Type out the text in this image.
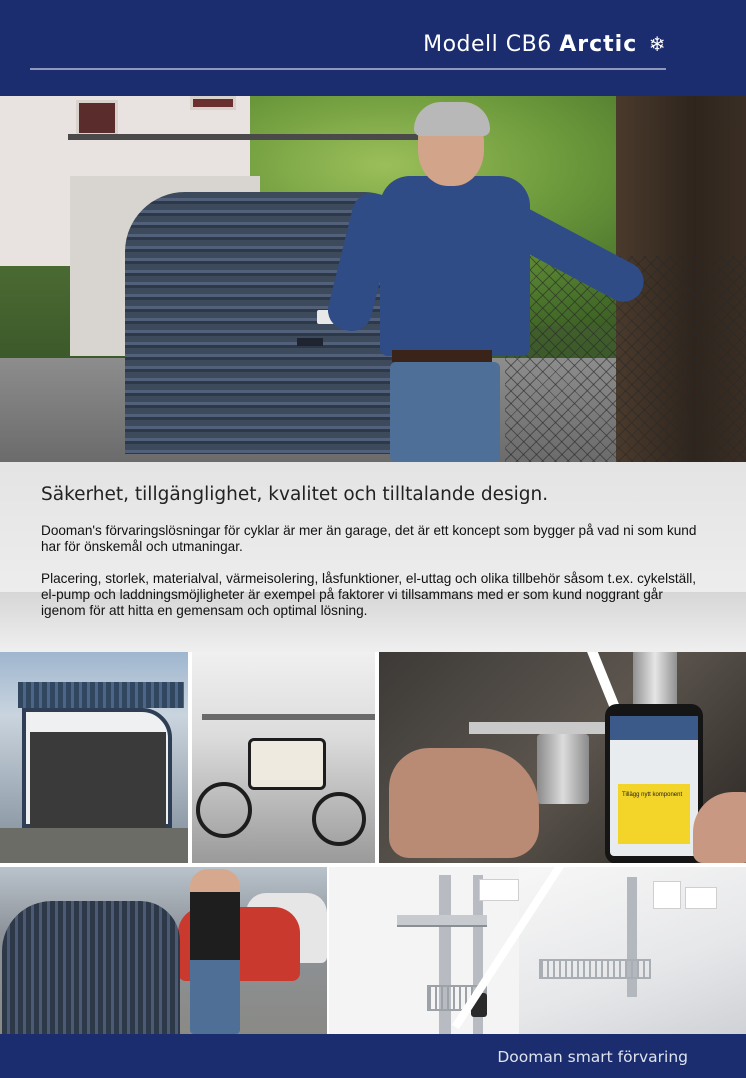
Modell CB6 Arctic ❄
Säkerhet, tillgänglighet, kvalitet och tilltalande design.
Dooman's förvaringslösningar för cyklar är mer än garage, det är ett koncept som bygger på vad ni som kund har för önskemål och utmaningar.
Placering, storlek, materialval, värmeisolering, låsfunktioner, el-uttag och olika tillbehör såsom t.ex. cykelställ, el-pump och laddningsmöjligheter är exempel på faktorer vi tillsammans med er som kund noggrant går igenom för att hitta en gemensam och optimal lösning.
Tillägg nytt komponent
Dooman smart förvaring
